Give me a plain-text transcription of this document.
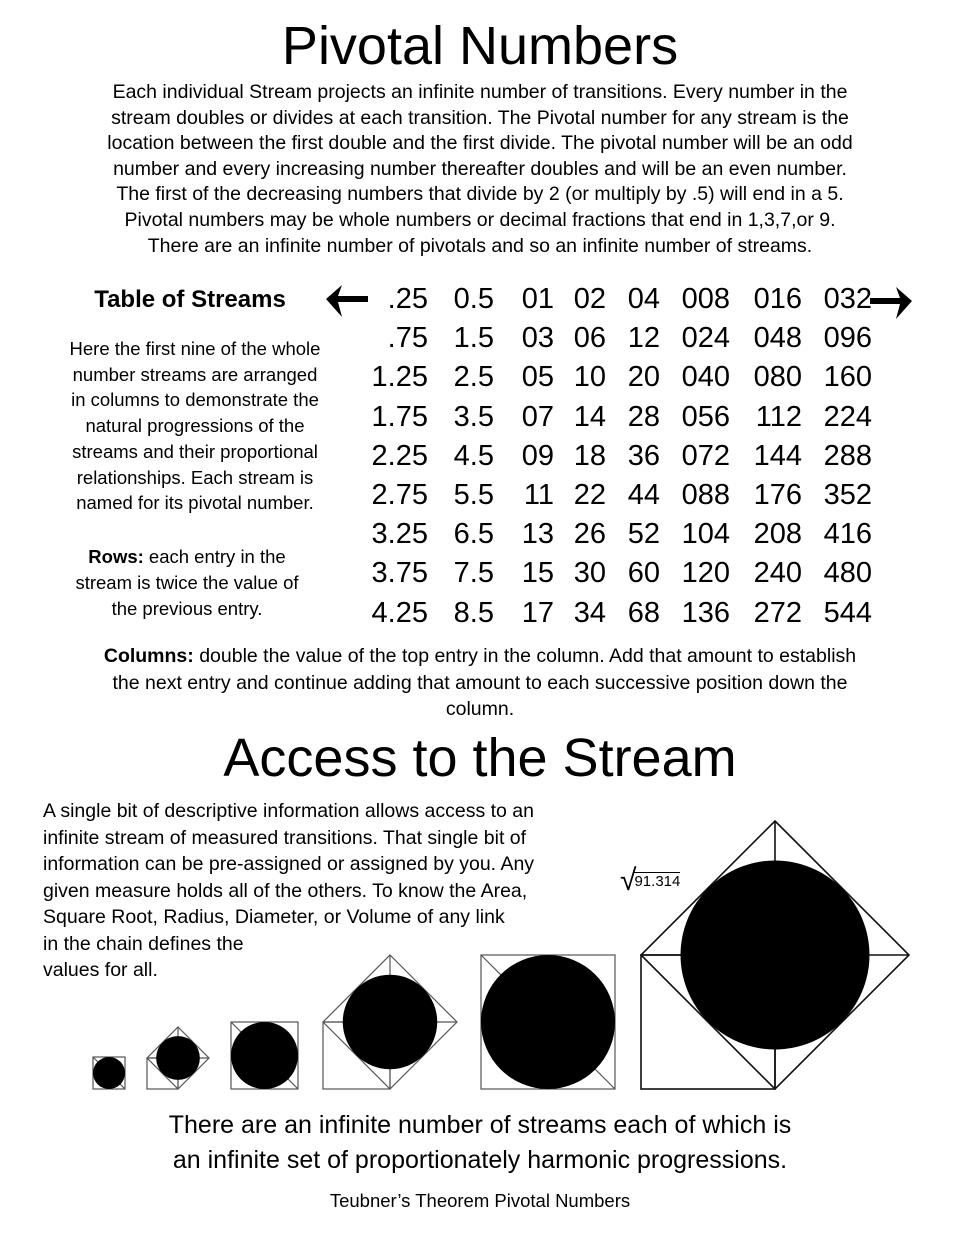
Pivotal Numbers
Each individual Stream projects an infinite number of transitions. Every number in the
stream doubles or divides at each transition. The Pivotal number for any stream is the
location between the first double and the first divide. The pivotal number will be an odd
number and every increasing number thereafter doubles and will be an even number.
The first of the decreasing numbers that divide by 2 (or multiply by .5) will end in a 5.
Pivotal numbers may be whole numbers or decimal fractions that end in 1,3,7,or 9.
There are an infinite number of pivotals and so an infinite number of streams.
Table of Streams
Here the first nine of the whole
number streams are arranged
in columns to demonstrate the
natural progressions of the
streams and their proportional
relationships. Each stream is
named for its pivotal number.
Rows: each entry in the
stream is twice the value of
the previous entry.
.25	0.5	01	02	04	008	016	032
.75	1.5	03	06	12	024	048	096
1.25	2.5	05	10	20	040	080	160
1.75	3.5	07	14	28	056	112	224
2.25	4.5	09	18	36	072	144	288
2.75	5.5	11	22	44	088	176	352
3.25	6.5	13	26	52	104	208	416
3.75	7.5	15	30	60	120	240	480
4.25	8.5	17	34	68	136	272	544
Columns: double the value of the top entry in the column. Add that amount to establish
the next entry and continue adding that amount to each successive position down the
column.
Access to the Stream
A single bit of descriptive information allows access to an
infinite stream of measured transitions. That single bit of
information can be pre-assigned or assigned by you. Any
given measure holds all of the others. To know the Area,
Square Root, Radius, Diameter, or Volume of any link
in the chain defines the
values for all.
√91.314
There are an infinite number of streams each of which is
an infinite set of proportionately harmonic progressions.
Teubner’s Theorem Pivotal Numbers
